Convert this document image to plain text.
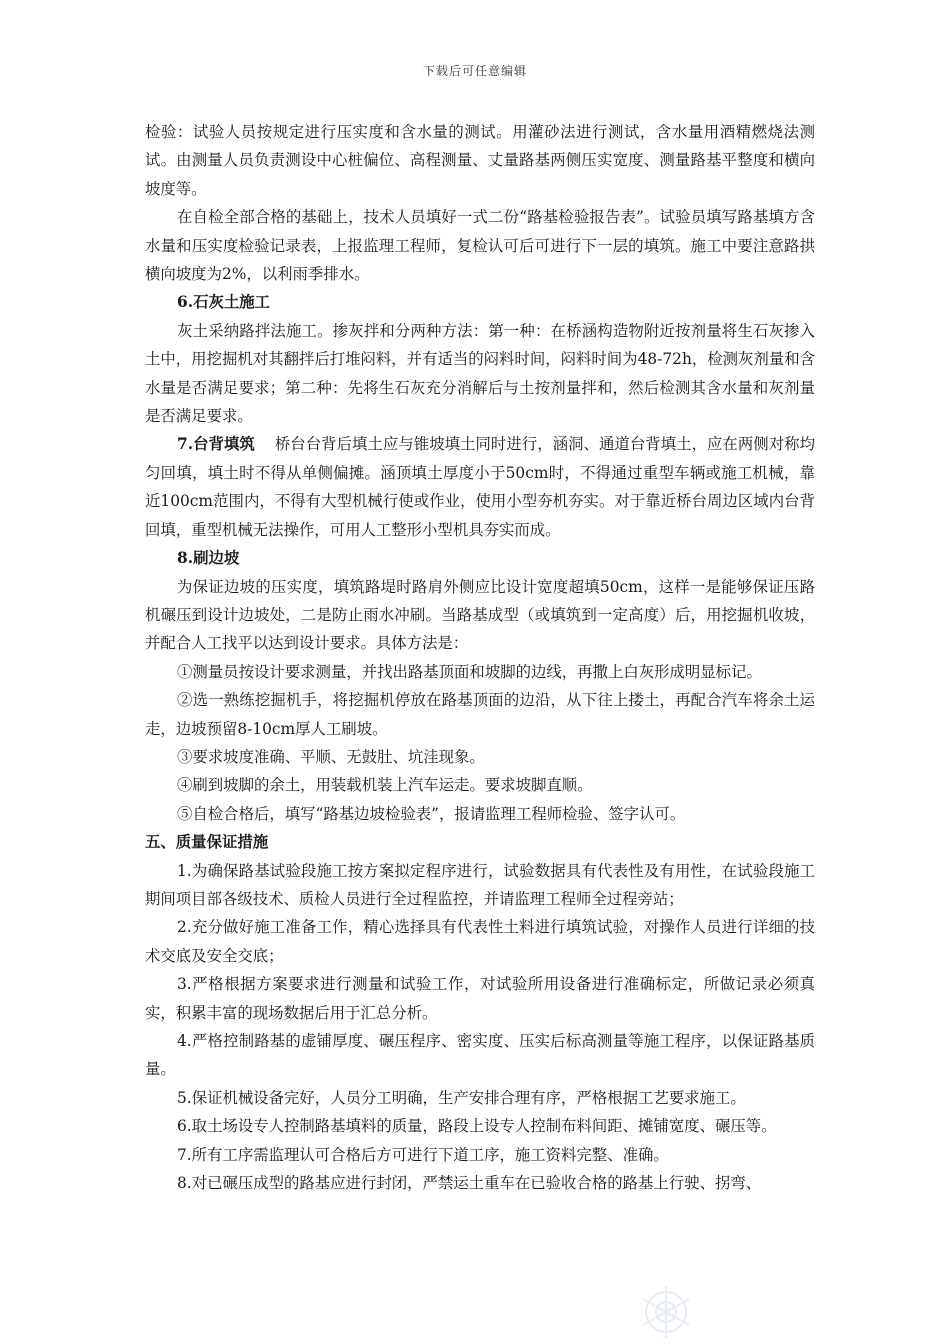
下载后可任意编辑

检验：试验人员按规定进行压实度和含水量的测试。用灌砂法进行测试，含水量用酒精燃烧法测试。由测量人员负责测设中心桩偏位、高程测量、丈量路基两侧压实宽度、测量路基平整度和横向坡度等。

在自检全部合格的基础上，技术人员填好一式二份“路基检验报告表”。试验员填写路基填方含水量和压实度检验记录表，上报监理工程师，复检认可后可进行下一层的填筑。施工中要注意路拱横向坡度为2%，以利雨季排水。

6.石灰土施工

灰土采纳路拌法施工。掺灰拌和分两种方法：第一种：在桥涵构造物附近按剂量将生石灰掺入土中，用挖掘机对其翻拌后打堆闷料，并有适当的闷料时间，闷料时间为48-72h，检测灰剂量和含水量是否满足要求；第二种：先将生石灰充分消解后与土按剂量拌和，然后检测其含水量和灰剂量是否满足要求。

7.台背填筑 桥台台背后填土应与锥坡填土同时进行，涵洞、通道台背填土，应在两侧对称均匀回填，填土时不得从单侧偏摊。涵顶填土厚度小于50cm时，不得通过重型车辆或施工机械，靠近100cm范围内，不得有大型机械行使或作业，使用小型夯机夯实。对于靠近桥台周边区域内台背回填，重型机械无法操作，可用人工整形小型机具夯实而成。

8.刷边坡

为保证边坡的压实度，填筑路堤时路肩外侧应比设计宽度超填50cm，这样一是能够保证压路机碾压到设计边坡处，二是防止雨水冲刷。当路基成型（或填筑到一定高度）后，用挖掘机收坡，并配合人工找平以达到设计要求。具体方法是：

①测量员按设计要求测量，并找出路基顶面和坡脚的边线，再撒上白灰形成明显标记。

②选一熟练挖掘机手，将挖掘机停放在路基顶面的边沿，从下往上搂土，再配合汽车将余土运走，边坡预留8-10cm厚人工刷坡。

③要求坡度准确、平顺、无鼓肚、坑洼现象。

④刷到坡脚的余土，用装载机装上汽车运走。要求坡脚直顺。

⑤自检合格后，填写“路基边坡检验表”，报请监理工程师检验、签字认可。

五、质量保证措施

1.为确保路基试验段施工按方案拟定程序进行，试验数据具有代表性及有用性，在试验段施工期间项目部各级技术、质检人员进行全过程监控，并请监理工程师全过程旁站；

2.充分做好施工准备工作，精心选择具有代表性土料进行填筑试验，对操作人员进行详细的技术交底及安全交底；

3.严格根据方案要求进行测量和试验工作，对试验所用设备进行准确标定，所做记录必须真实，积累丰富的现场数据后用于汇总分析。

4.严格控制路基的虚铺厚度、碾压程序、密实度、压实后标高测量等施工程序，以保证路基质量。

5.保证机械设备完好，人员分工明确，生产安排合理有序，严格根据工艺要求施工。

6.取土场设专人控制路基填料的质量，路段上设专人控制布料间距、摊铺宽度、碾压等。

7.所有工序需监理认可合格后方可进行下道工序，施工资料完整、准确。

8.对已碾压成型的路基应进行封闭，严禁运土重车在已验收合格的路基上行驶、拐弯、
